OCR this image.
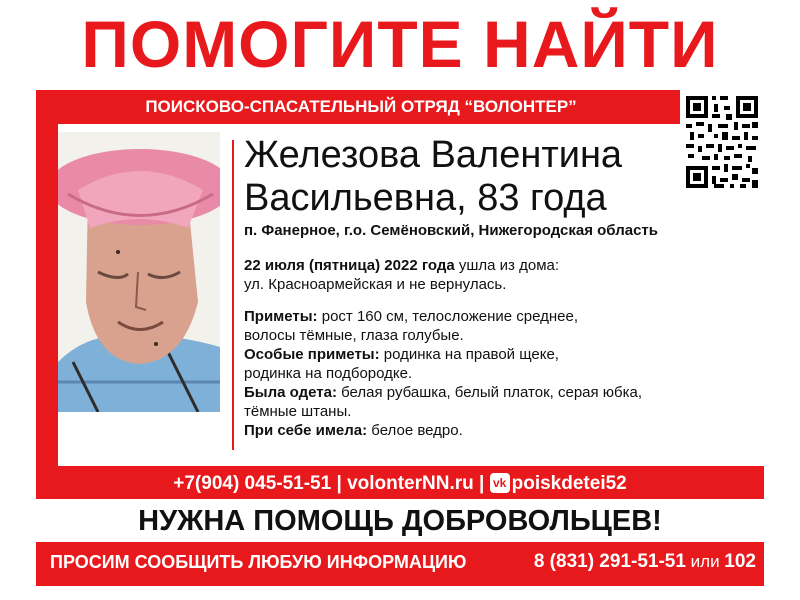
ПОМОГИТЕ НАЙТИ
ПОИСКОВО-СПАСАТЕЛЬНЫЙ ОТРЯД “ВОЛОНТЕР”
Железова Валентина
Васильевна, 83 года
п. Фанерное, г.о. Семёновский, Нижегородская область

22 июля (пятница) 2022 года ушла из дома:

ул. Красноармейская и не вернулась.

Приметы: рост 160 см, телосложение среднее,

волосы тёмные, глаза голубые.

Особые приметы: родинка на правой щеке,

родинка на подбородке.

Была одета: белая рубашка, белый платок, серая юбка,

тёмные штаны.

При себе имела: белое ведро.

+7(904) 045-51-51 | volonterNN.ru | vk poiskdetei52
НУЖНА ПОМОЩЬ ДОБРОВОЛЬЦЕВ!
ПРОСИМ СООБЩИТЬ ЛЮБУЮ ИНФОРМАЦИЮ	8 (831) 291-51-51 или 102
